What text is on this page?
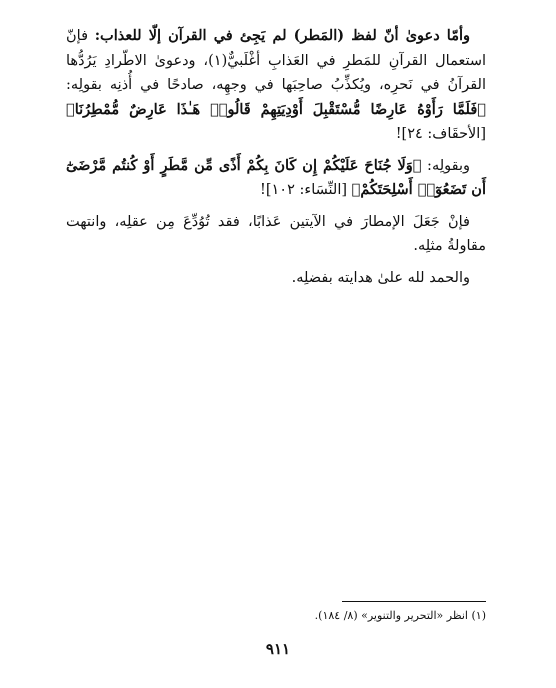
وأمّا دعوىٰ أنّ لفظ (المَطر) لم يَجِئ في القرآن إلّا للعذاب: فإنّ استعمال القرآنِ للمَطرِ في العَذابِ أغْلَبيٌّ(١)، ودعوىٰ الاطّرادِ يَرُدُّها القرآنُ في نَحرِه، ويُكذِّبُ صاحِبَها في وجهِه، صادحًا في أُذنِه بقولِه: ﴿فَلَمَّا رَأَوْهُ عَارِضًا مُّسْتَقْبِلَ أَوْدِيَتِهِمْ قَالُوا۟ هَـٰذَا عَارِضٌ مُّمْطِرُنَا﴾ [الأحقَاف: ٢٤]!

وبقولِه: ﴿وَلَا جُنَاحَ عَلَيْكُمْ إِن كَانَ بِكُمْ أَذًى مِّن مَّطَرٍ أَوْ كُنتُم مَّرْضَىٰٓ أَن تَضَعُوٓا۟ أَسْلِحَتَكُمْ﴾ [النِّسَاء: ١٠٢]!

فإنْ جَعَلَ الإمطارَ في الآيتين عَذابًا، فقد تُوُدِّعَ مِن عقلِه، وانتهت مقاولةُ مثلِه.

والحمد لله علىٰ هدايته بفضلِه.

(١) انظر «التحرير والتنوير» (٨/ ١٨٤).
٩١١
